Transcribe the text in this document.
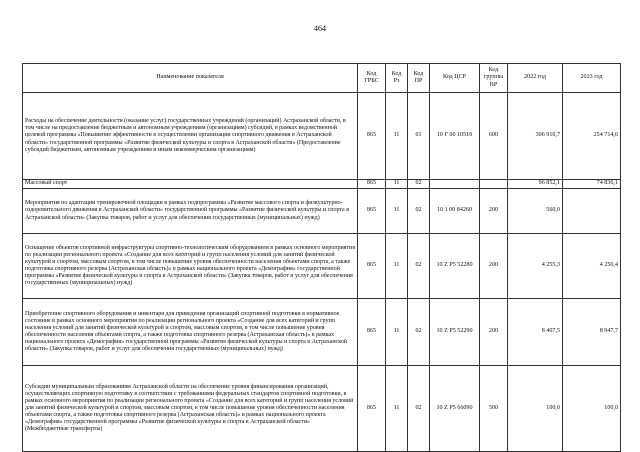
464
Наименование показателя	Код ГРБС	Код Рз	Код ПР	Код ЦСР	Код группы ВР	2022 год	2023 год
Расходы на обеспечение деятельности (оказание услуг) государственных учреждений (организаций) Астраханской области, в том числе на предоставление бюджетным и автономным учреждениям (организациям) субсидий, в рамках ведомственной целевой программы «Повышение эффективности в осуществлении организации спортивного движения в Астраханской области» государственной программы «Развитие физической культуры и спорта в Астраханской области» (Предоставление субсидий бюджетным, автономным учреждениям и иным некоммерческим организациям)	865	11	01	10 Г 00 10510	600	306 910,7	254 714,6
Массовый спорт	865	11	02			96 852,1	74 836,1
Мероприятия по адаптации тренировочной площадки в рамках подпрограммы «Развитие массового спорта и физкультурно-оздоровительного движения в Астраханской области» государственной программы «Развитие физической культуры и спорта в Астраханской области» (Закупка товаров, работ и услуг для обеспечения государственных (муниципальных) нужд)	865	11	02	10 1 00 84260	200	560,0	
Оснащение объектов спортивной инфраструктуры спортивно-технологическим оборудованием в рамках основного мероприятия по реализации регионального проекта «Создание для всех категорий и групп населения условий для занятий физической культурой и спортом, массовым спортом, в том числе повышение уровня обеспеченности населения объектами спорта, а также подготовка спортивного резерва (Астраханская область)» в рамках национального проекта «Демография» государственной программы «Развитие физической культуры и спорта в Астраханской области» (Закупка товаров, работ и услуг для обеспечения государственных (муниципальных) нужд)	865	11	02	10 Z P5 52280	200	4 255,3	4 256,4
Приобретение спортивного оборудования и инвентаря для приведения организаций спортивной подготовки в нормативное состояние в рамках основного мероприятия по реализации регионального проекта «Создание для всех категорий и групп населения условий для занятий физической культурой и спортом, массовым спортом, в том числе повышение уровня обеспеченности населения объектами спорта, а также подготовка спортивного резерва (Астраханская область)» в рамках национального проекта «Демография» государственной программы «Развитие физической культуры и спорта в Астраханской области» (Закупка товаров, работ и услуг для обеспечения государственных (муниципальных) нужд)	865	11	02	10 Z P5 52290	200	8 407,5	8 947,7
Субсидии муниципальным образованиям Астраханской области на обеспечение уровня финансирования организаций, осуществляющих спортивную подготовку в соответствии с требованиями федеральных стандартов спортивной подготовки, в рамках основного мероприятия по реализации регионального проекта «Создание для всех категорий и групп населения условий для занятий физической культурой и спортом, массовым спортом, в том числе повышение уровня обеспеченности населения объектами спорта, а также подготовка спортивного резерва (Астраханская область)» в рамках национального проекта «Демография» государственной программы «Развитие физической культуры и спорта в Астраханской области» (Межбюджетные трансферты)	865	11	02	10 Z P5 66090	500	100,0	100,0
